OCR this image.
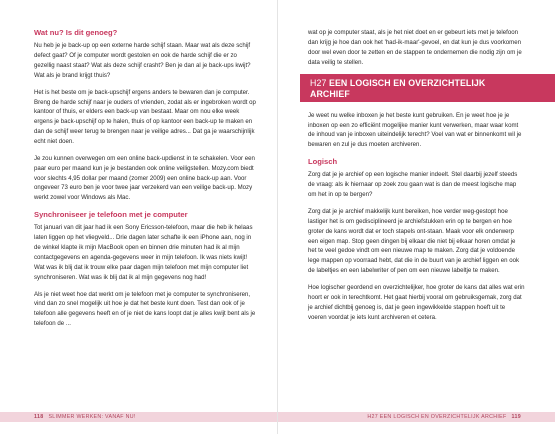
Wat nu? Is dit genoeg?

Nu heb je je back-up op een externe harde schijf staan. Maar wat als deze schijf defect gaat? Of je computer wordt gestolen en ook de harde schijf die er zo gezellig naast staat? Wat als deze schijf crasht? Ben je dan al je back-ups kwijt? Wat als je brand krijgt thuis?

Het is het beste om je back-upschijf ergens anders te bewaren dan je computer. Breng de harde schijf naar je ouders of vrienden, zodat als er ingebroken wordt op kantoor of thuis, er elders een back-up van bestaat. Maar om nou elke week ergens je back-upschijf op te halen, thuis of op kantoor een back-up te maken en dan de schijf weer terug te brengen naar je veilige adres... Dat ga je waarschijnlijk echt niet doen.

Je zou kunnen overwegen om een online back-updienst in te schakelen. Voor een paar euro per maand kun je je bestanden ook online veiligstellen. Mozy.com biedt voor slechts 4,95 dollar per maand (zomer 2009) een online back-up aan. Voor ongeveer 73 euro ben je voor twee jaar verzekerd van een veilige back-up. Mozy werkt zowel voor Windows als Mac.

Synchroniseer je telefoon met je computer

Tot januari van dit jaar had ik een Sony Ericsson-telefoon, maar die heb ik helaas laten liggen op het vliegveld... Drie dagen later schafte ik een iPhone aan, nog in de winkel klapte ik mijn MacBook open en binnen drie minuten had ik al mijn contactgegevens en agenda-gegevens weer in mijn telefoon. Ik was niets kwijt!

Wat was ik blij dat ik trouw elke paar dagen mijn telefoon met mijn computer liet synchroniseren. Wat was ik blij dat ik al mijn gegevens nog had!

Als je niet weet hoe dat werkt om je telefoon met je computer te synchroniseren, vind dan zo snel mogelijk uit hoe je dat het beste kunt doen. Test dan ook of je telefoon alle gegevens heeft en of je niet de kans loopt dat je alles kwijt bent als je telefoon de ...

wat op je computer staat, als je het niet doet en er gebeurt iets met je telefoon dan krijg je hoe dan ook het 'had-ik-maar'-gevoel, en dat kun je dus voorkomen door wel even door te zetten en de stappen te ondernemen die nodig zijn om je data veilig te stellen.

H27 EEN LOGISCH EN OVERZICHTELIJK
ARCHIEF

Je weet nu welke inboxen je het beste kunt gebruiken. En je weet hoe je je inboxen op een zo efficiënt mogelijke manier kunt verwerken, maar waar komt de inhoud van je inboxen uiteindelijk terecht? Voel van wat er binnenkomt wil je bewaren en zul je dus moeten archiveren.

Logisch

Zorg dat je je archief op een logische manier indeelt. Stel daarbij jezelf steeds de vraag: als ik hiernaar op zoek zou gaan wat is dan de meest logische map om het in op te bergen?

Zorg dat je je archief makkelijk kunt bereiken, hoe verder weg-gestopt hoe lastiger het is om gedisciplineerd je archiefstukken erin op te bergen en hoe groter de kans wordt dat er toch stapels ont-staan. Maak voor elk onderwerp een eigen map. Stop geen dingen bij elkaar die niet bij elkaar horen omdat je het te veel gedoe vindt om een nieuwe map te maken. Zorg dat je voldoende lege mappen op voorraad hebt, dat die in de buurt van je archief liggen en ook de labeltjes en een labelwriter of pen om een nieuwe labeltje te maken.

Hoe logischer geordend en overzichtelijker, hoe groter de kans dat alles wat erin hoort er ook in terechtkomt. Het gaat hierbij vooral om gebruiksgemak, zorg dat je archief dichtbij genoeg is, dat je geen ingewikkelde stappen hoeft uit te voeren voordat je iets kunt archiveren et cetera.

118 SLIMMER WERKEN: VANAF NU!	H27 EEN LOGISCH EN OVERZICHTELIJK ARCHIEF 119
